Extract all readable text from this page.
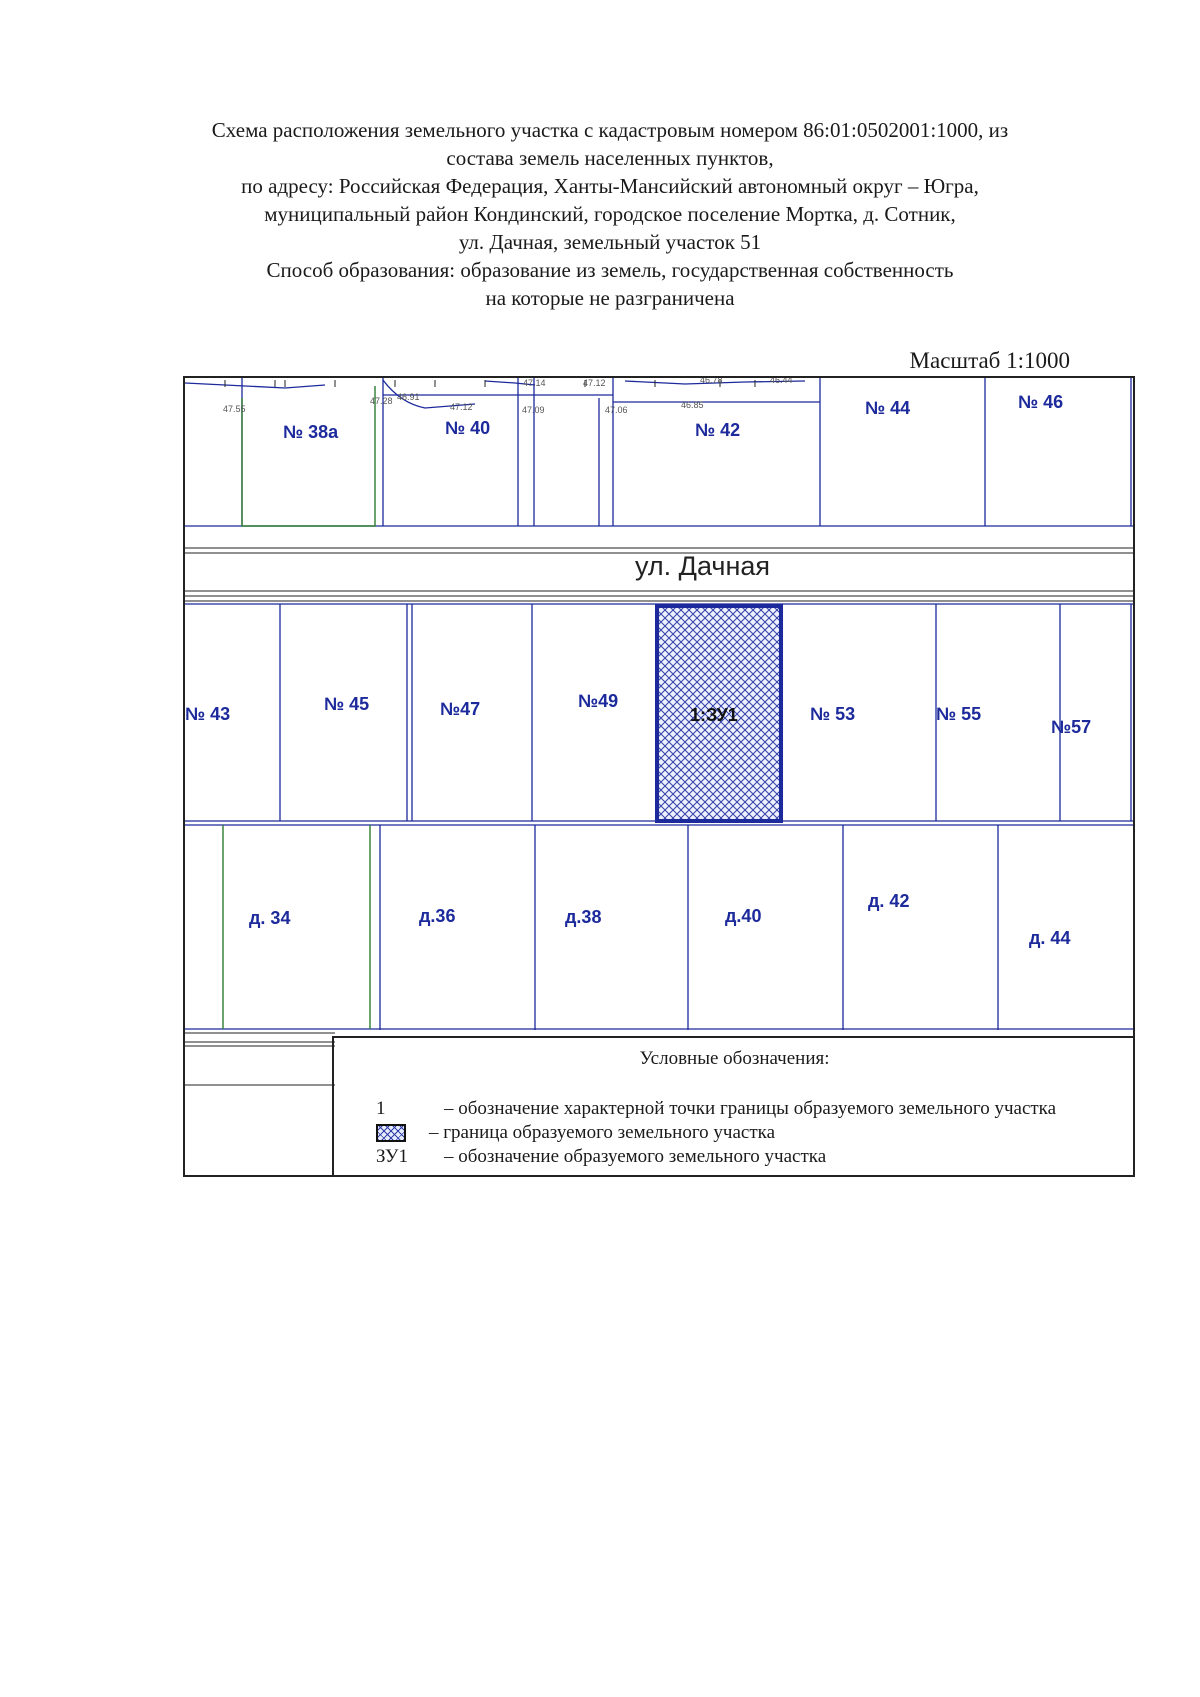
Схема расположения земельного участка с кадастровым номером 86:01:0502001:1000, из
состава земель населенных пунктов,
по адресу: Российская Федерация, Ханты-Мансийский автономный округ – Югра,
муниципальный район Кондинский, городское поселение Мортка, д. Сотник,
ул. Дачная, земельный участок 51
Способ образования: образование из земель, государственная собственность
на которые не разграничена
Масштаб 1:1000
47.55
47.28 46.91
47.12
47.14
47.09
47.12
47.06	46.85
46.78	46.44
№ 38а	№ 40	№ 42
№ 44	№ 46
ул. Дачная
№ 43	№ 45	№47	№49
1:ЗУ1	№ 53	№ 55
№57
д. 34	д.36	д.38	д.40
д. 42
д. 44
Условные обозначения:
1	– обозначение характерной точки границы образуемого земельного участка
– граница образуемого земельного участка
ЗУ1 – обозначение образуемого земельного участка
